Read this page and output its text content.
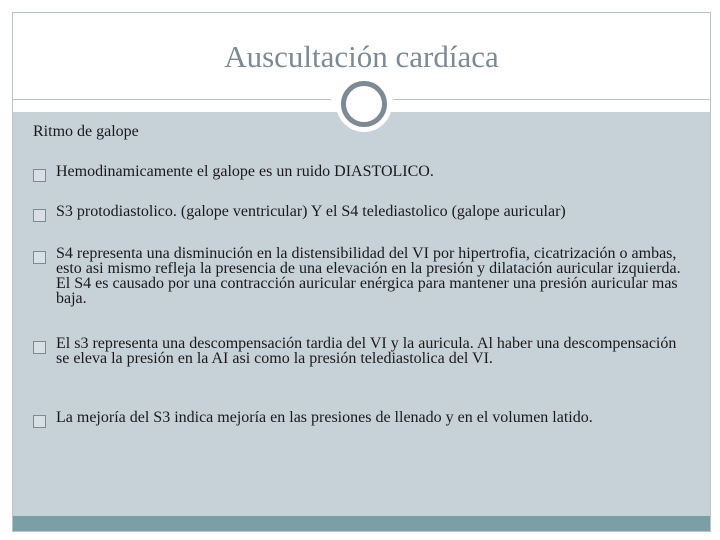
Auscultación cardíaca
Ritmo de galope
Hemodinamicamente el galope es un ruido DIASTOLICO.
S3 protodiastolico. (galope ventricular) Y el S4 telediastolico (galope auricular)
S4 representa una disminución en la distensibilidad del VI por hipertrofia, cicatrización o ambas, esto asi mismo refleja la presencia de una elevación en la presión y dilatación auricular izquierda. El S4 es causado por una contracción auricular enérgica para mantener una presión auricular mas baja.
El s3 representa una descompensación tardia del VI y la auricula. Al haber una descompensación se eleva la presión en la AI asi como la presión telediastolica del VI.
La mejoría del S3 indica mejoría en las presiones de llenado y en el volumen latido.
